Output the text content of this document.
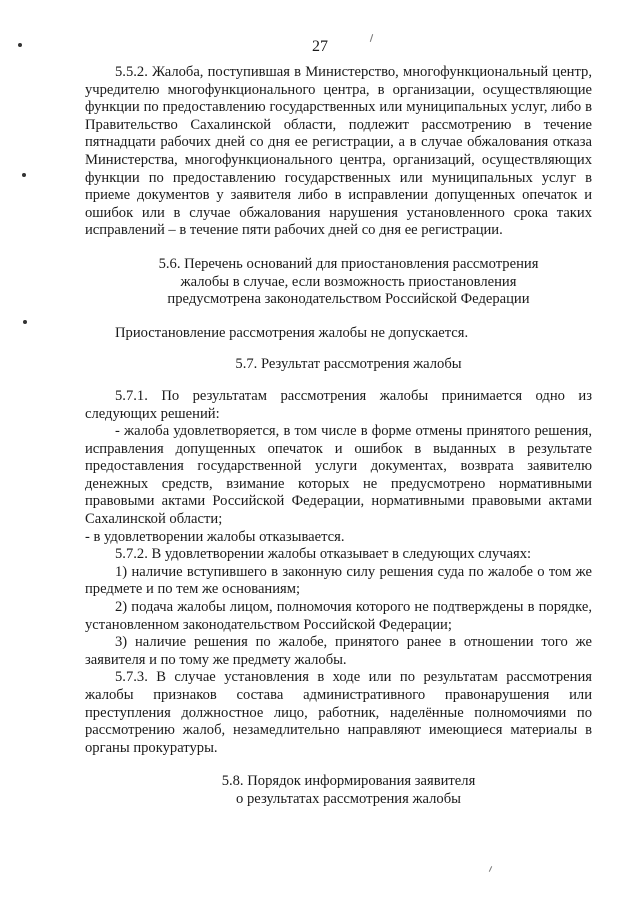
27

5.5.2. Жалоба, поступившая в Министерство, многофункциональный центр, учредителю многофункционального центра, в организации, осуществляющие функции по предоставлению государственных или муниципальных услуг, либо в Правительство Сахалинской области, подлежит рассмотрению в течение пятнадцати рабочих дней со дня ее регистрации, а в случае обжалования отказа Министерства, многофункционального центра, организаций, осуществляющих функции по предоставлению государственных или муниципальных услуг в приеме документов у заявителя либо в исправлении допущенных опечаток и ошибок или в случае обжалования нарушения установленного срока таких исправлений – в течение пяти рабочих дней со дня ее регистрации.

5.6. Перечень оснований для приостановления рассмотрения

жалобы в случае, если возможность приостановления

предусмотрена законодательством Российской Федерации

Приостановление рассмотрения жалобы не допускается.

5.7. Результат рассмотрения жалобы

5.7.1. По результатам рассмотрения жалобы принимается одно из следующих решений:

- жалоба удовлетворяется, в том числе в форме отмены принятого решения, исправления допущенных опечаток и ошибок в выданных в результате предоставления государственной услуги документах, возврата заявителю денежных средств, взимание которых не предусмотрено нормативными правовыми актами Российской Федерации, нормативными правовыми актами Сахалинской области;

- в удовлетворении жалобы отказывается.

5.7.2. В удовлетворении жалобы отказывает в следующих случаях:

1) наличие вступившего в законную силу решения суда по жалобе о том же предмете и по тем же основаниям;

2) подача жалобы лицом, полномочия которого не подтверждены в порядке, установленном законодательством Российской Федерации;

3) наличие решения по жалобе, принятого ранее в отношении того же заявителя и по тому же предмету жалобы.

5.7.3. В случае установления в ходе или по результатам рассмотрения жалобы признаков состава административного правонарушения или преступления должностное лицо, работник, наделённые полномочиями по рассмотрению жалоб, незамедлительно направляют имеющиеся материалы в органы прокуратуры.

5.8. Порядок информирования заявителя

о результатах рассмотрения жалобы
